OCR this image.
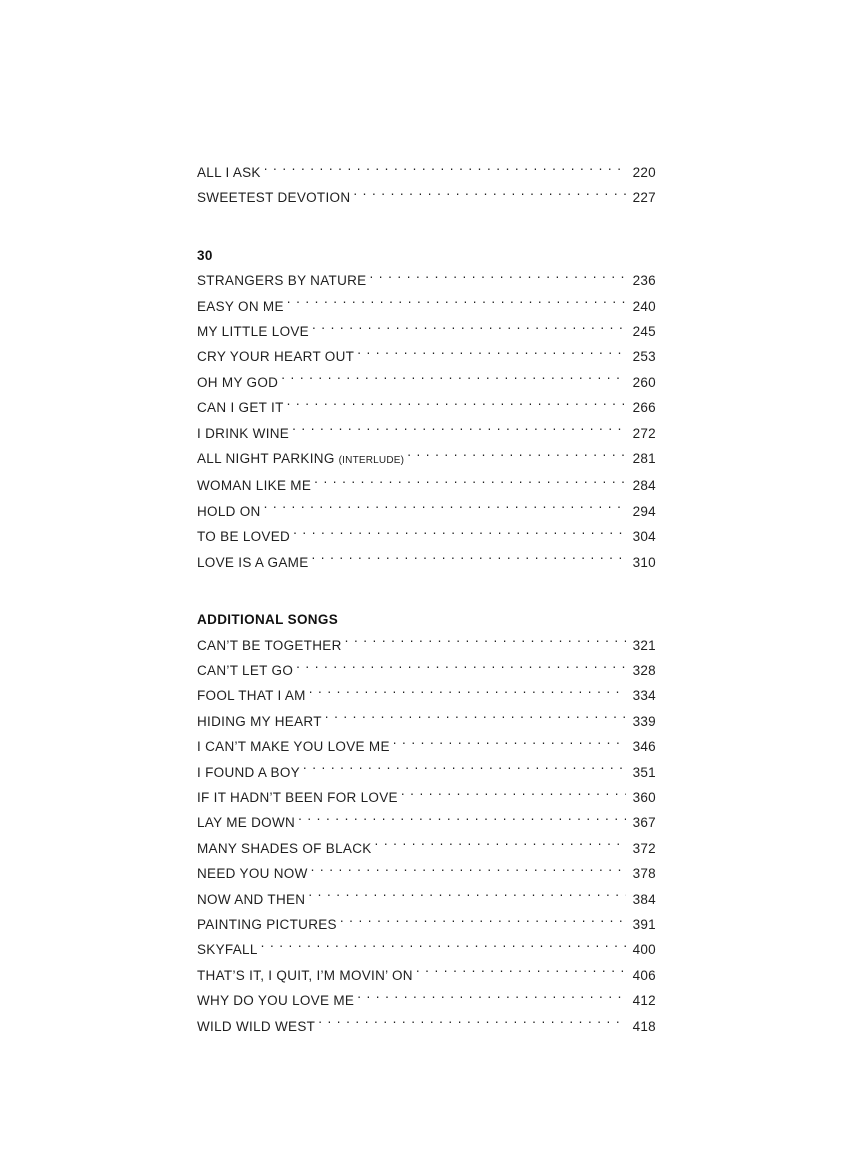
ALL I ASK . . .	220
SWEETEST DEVOTION . . .	227
30
STRANGERS BY NATURE . . .	236
EASY ON ME . . .	240
MY LITTLE LOVE . . .	245
CRY YOUR HEART OUT . . .	253
OH MY GOD . . .	260
CAN I GET IT . . .	266
I DRINK WINE . . .	272
ALL NIGHT PARKING (INTERLUDE) . . .	281
WOMAN LIKE ME . . .	284
HOLD ON . . .	294
TO BE LOVED . . .	304
LOVE IS A GAME . . .	310
ADDITIONAL SONGS
CAN’T BE TOGETHER . . .	321
CAN’T LET GO . . .	328
FOOL THAT I AM . . .	334
HIDING MY HEART . . .	339
I CAN’T MAKE YOU LOVE ME . . .	346
I FOUND A BOY . . .	351
IF IT HADN’T BEEN FOR LOVE . . .	360
LAY ME DOWN . . .	367
MANY SHADES OF BLACK . . .	372
NEED YOU NOW . . .	378
NOW AND THEN . . .	384
PAINTING PICTURES . . .	391
SKYFALL . . .	400
THAT’S IT, I QUIT, I’M MOVIN’ ON . . .	406
WHY DO YOU LOVE ME . . .	412
WILD WILD WEST . . .	418
